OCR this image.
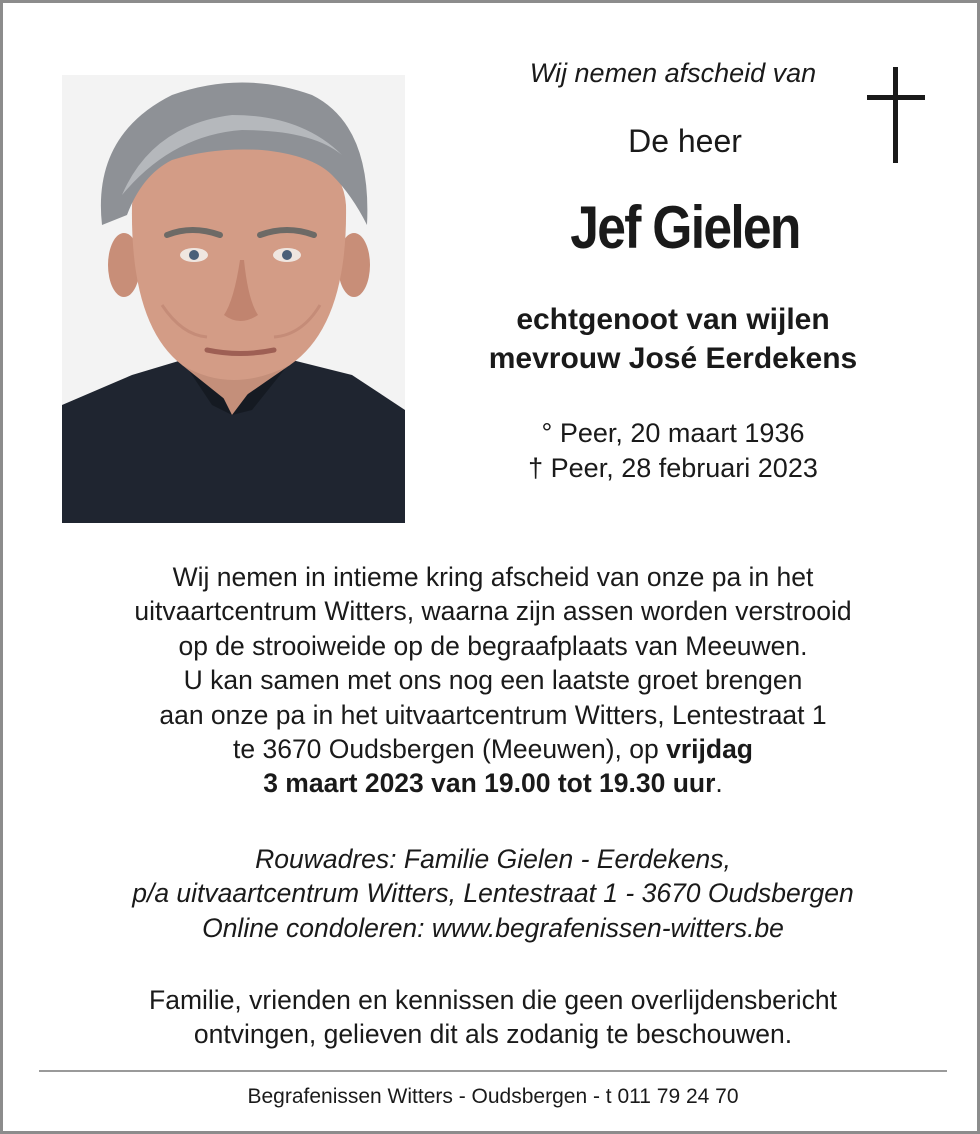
Wij nemen afscheid van
De heer
Jef Gielen
echtgenoot van wijlen
mevrouw José Eerdekens
° Peer, 20 maart 1936
† Peer, 28 februari 2023
Wij nemen in intieme kring afscheid van onze pa in het
uitvaartcentrum Witters, waarna zijn assen worden verstrooid
op de strooiweide op de begraafplaats van Meeuwen.
U kan samen met ons nog een laatste groet brengen
aan onze pa in het uitvaartcentrum Witters, Lentestraat 1
te 3670 Oudsbergen (Meeuwen), op vrijdag
3 maart 2023 van 19.00 tot 19.30 uur.
Rouwadres: Familie Gielen - Eerdekens,
p/a uitvaartcentrum Witters, Lentestraat 1 - 3670 Oudsbergen
Online condoleren: www.begrafenissen-witters.be
Familie, vrienden en kennissen die geen overlijdensbericht
ontvingen, gelieven dit als zodanig te beschouwen.
Begrafenissen Witters - Oudsbergen - t 011 79 24 70
